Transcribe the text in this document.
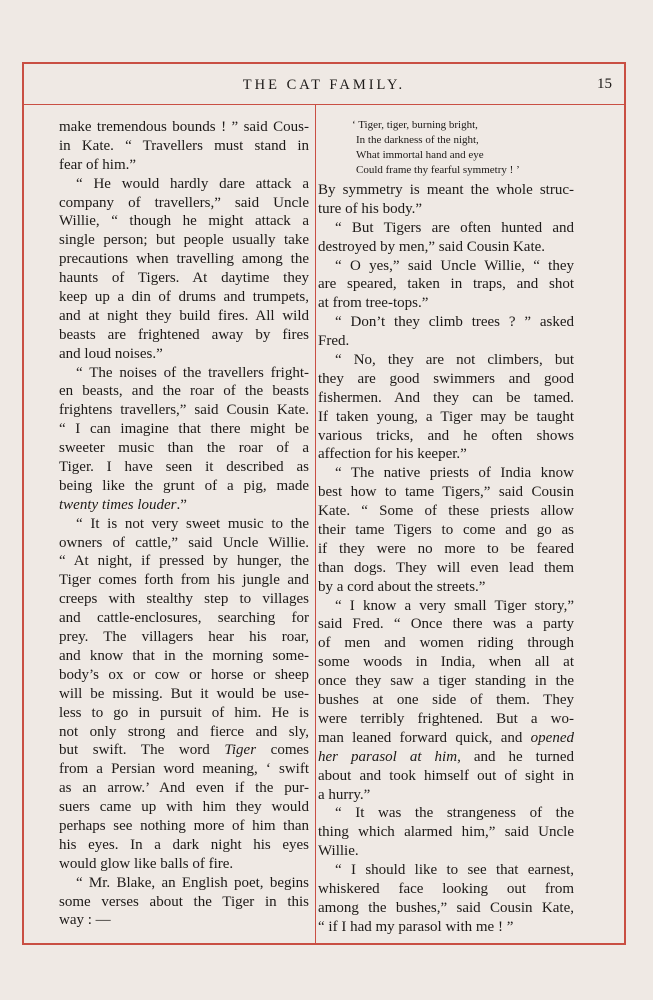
THE CAT FAMILY.	15
make tremendous bounds ! ” said Cous-
in Kate. “ Travellers must stand in
fear of him.”
“ He would hardly dare attack a
company of travellers,” said Uncle
Willie, “ though he might attack a
single person; but people usually take
precautions when travelling among the
haunts of Tigers. At daytime they
keep up a din of drums and trumpets,
and at night they build fires. All wild
beasts are frightened away by fires
and loud noises.”
“ The noises of the travellers fright-
en beasts, and the roar of the beasts
frightens travellers,” said Cousin Kate.
“ I can imagine that there might be
sweeter music than the roar of a
Tiger. I have seen it described as
being like the grunt of a pig, made
twenty times louder.”
“ It is not very sweet music to the
owners of cattle,” said Uncle Willie.
“ At night, if pressed by hunger, the
Tiger comes forth from his jungle and
creeps with stealthy step to villages
and cattle-enclosures, searching for
prey. The villagers hear his roar,
and know that in the morning some-
body’s ox or cow or horse or sheep
will be missing. But it would be use-
less to go in pursuit of him. He is
not only strong and fierce and sly,
but swift. The word Tiger comes
from a Persian word meaning, ‘ swift
as an arrow.’ And even if the pur-
suers came up with him they would
perhaps see nothing more of him than
his eyes. In a dark night his eyes
would glow like balls of fire.
“ Mr. Blake, an English poet, begins
some verses about the Tiger in this
way : —
‘ Tiger, tiger, burning bright,
In the darkness of the night,
What immortal hand and eye
Could frame thy fearful symmetry ! ’
By symmetry is meant the whole struc-
ture of his body.”
“ But Tigers are often hunted and
destroyed by men,” said Cousin Kate.
“ O yes,” said Uncle Willie, “ they
are speared, taken in traps, and shot
at from tree-tops.”
“ Don’t they climb trees ? ” asked
Fred.
“ No, they are not climbers, but
they are good swimmers and good
fishermen. And they can be tamed.
If taken young, a Tiger may be taught
various tricks, and he often shows
affection for his keeper.”
“ The native priests of India know
best how to tame Tigers,” said Cousin
Kate. “ Some of these priests allow
their tame Tigers to come and go as
if they were no more to be feared
than dogs. They will even lead them
by a cord about the streets.”
“ I know a very small Tiger story,”
said Fred. “ Once there was a party
of men and women riding through
some woods in India, when all at
once they saw a tiger standing in the
bushes at one side of them. They
were terribly frightened. But a wo-
man leaned forward quick, and opened
her parasol at him, and he turned
about and took himself out of sight in
a hurry.”
“ It was the strangeness of the
thing which alarmed him,” said Uncle
Willie.
“ I should like to see that earnest,
whiskered face looking out from
among the bushes,” said Cousin Kate,
“ if I had my parasol with me ! ”
